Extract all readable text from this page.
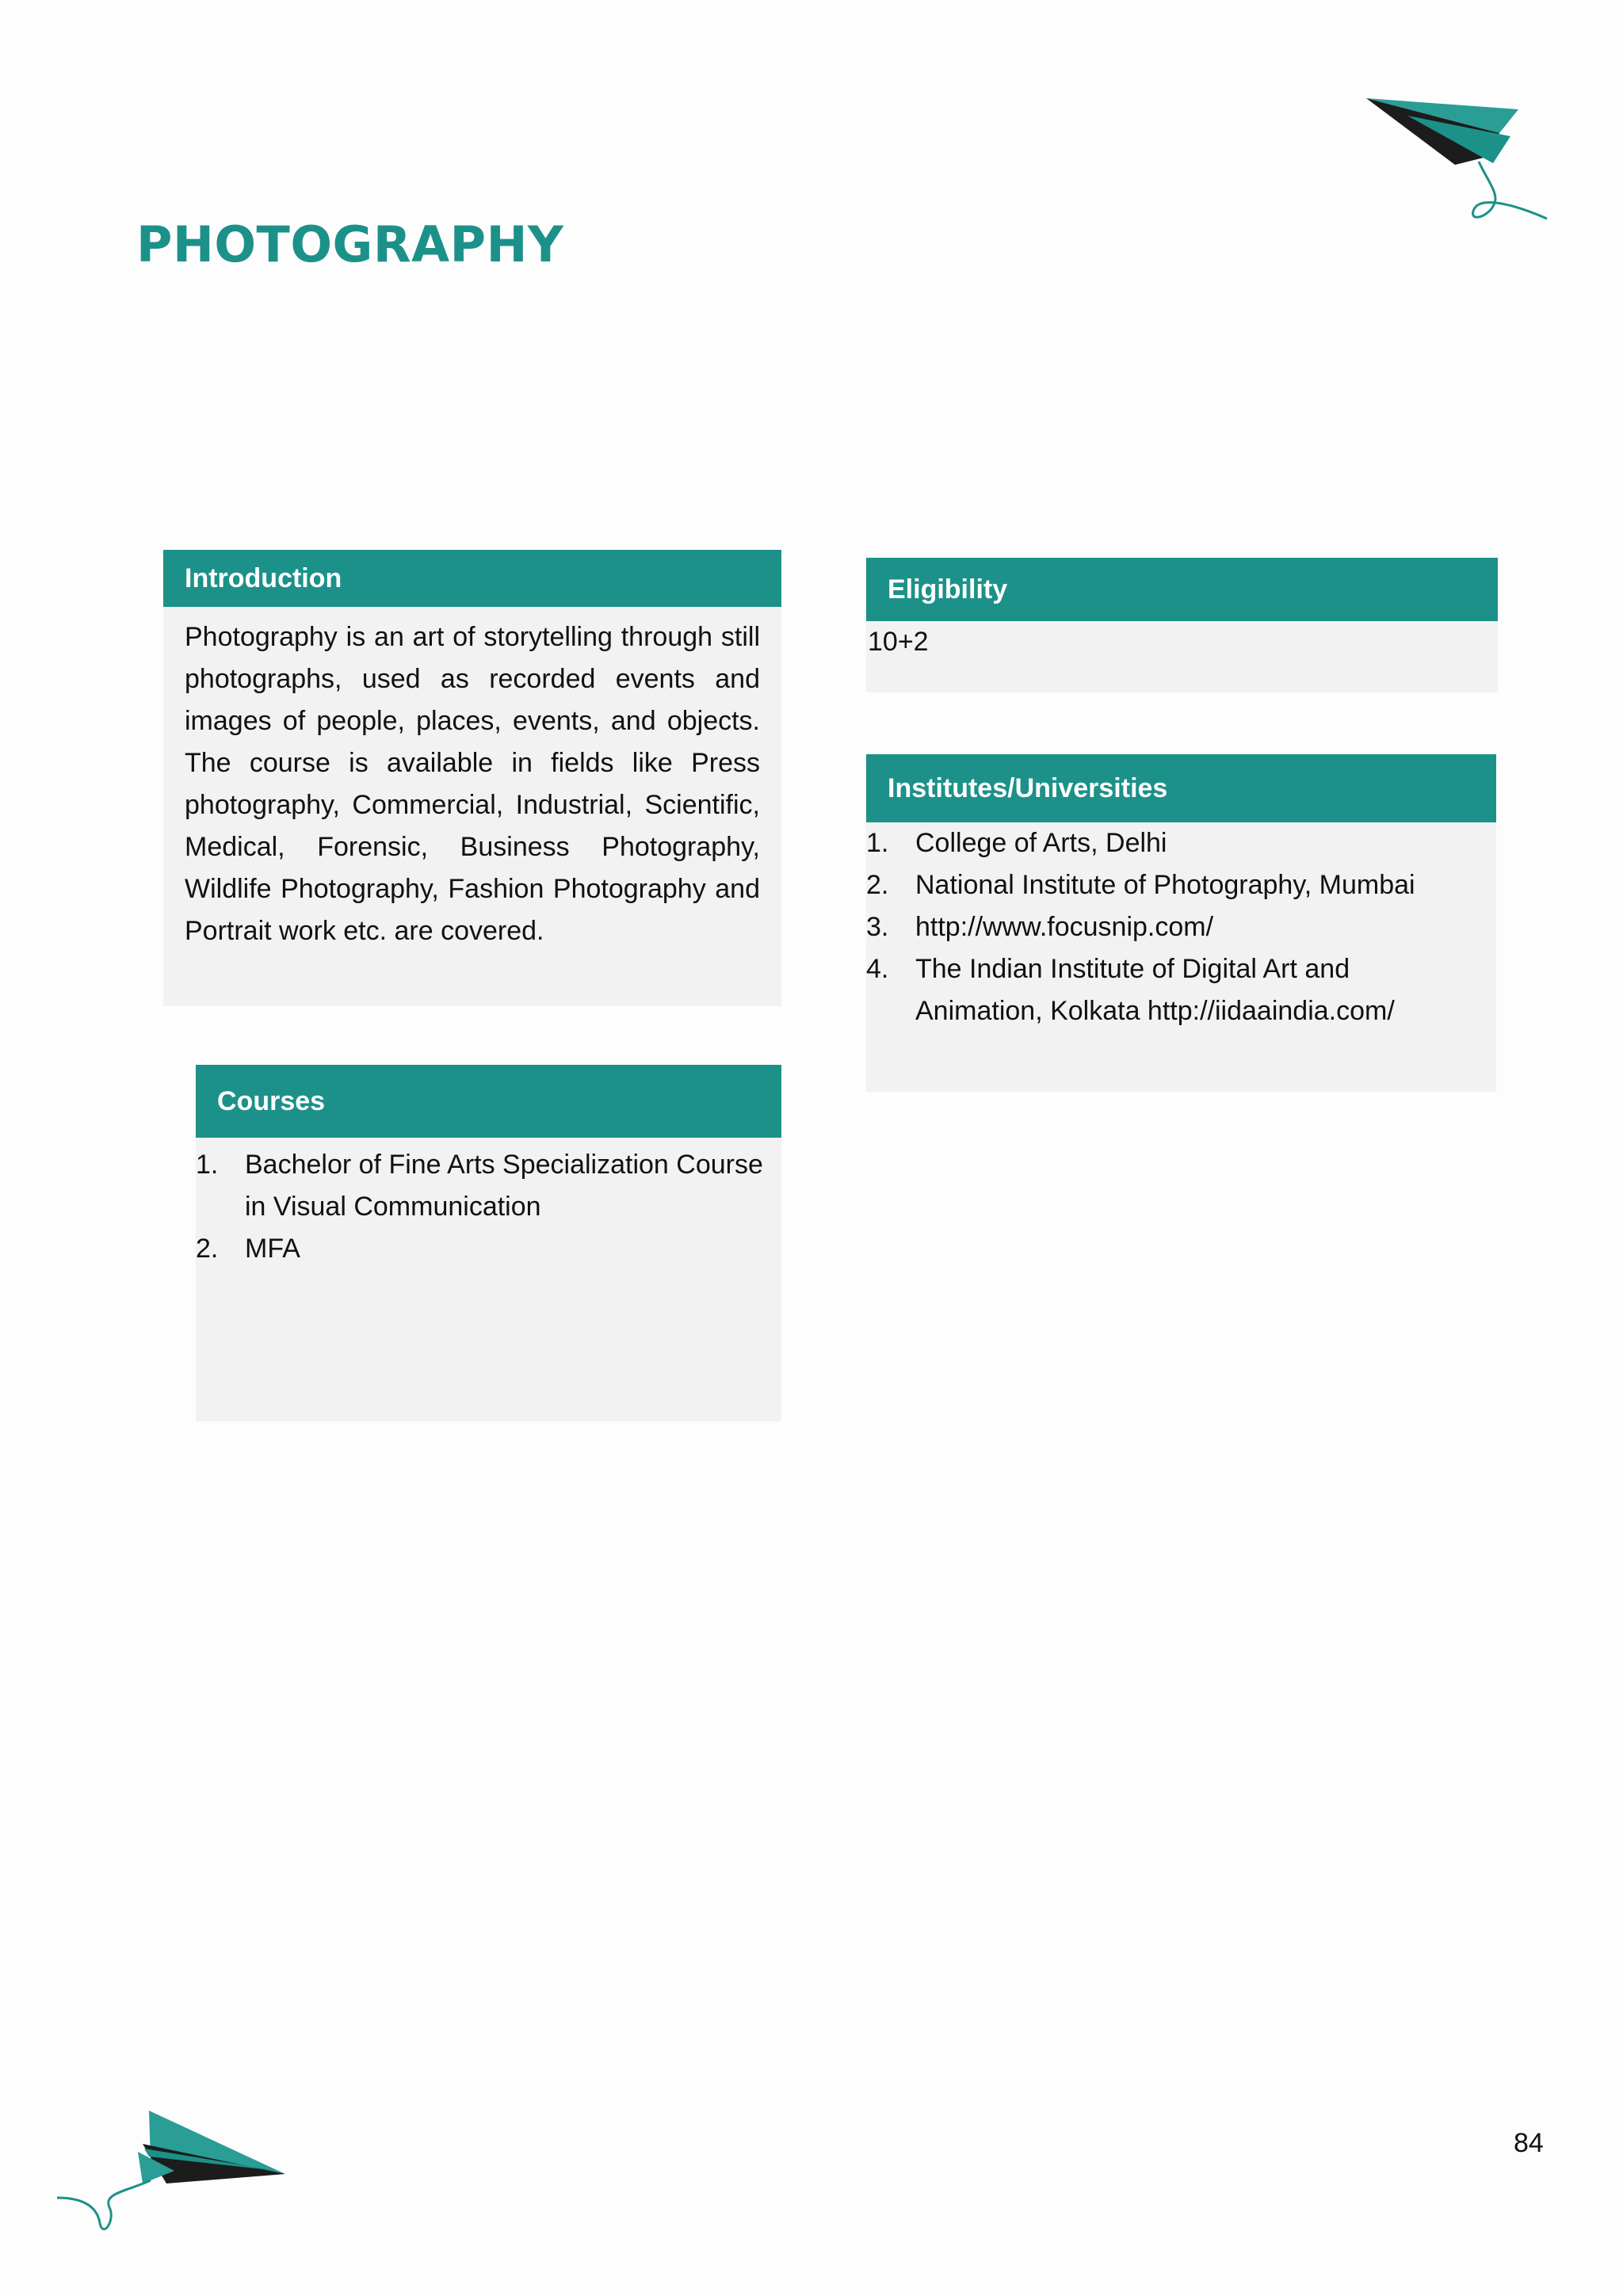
PHOTOGRAPHY
Introduction

Photography is an art of storytelling through still photographs, used as recorded events and images of people, places, events, and objects. The course is available in fields like Press photography, Commercial, Industrial, Scientific, Medical, Forensic, Business Photography, Wildlife Photography, Fashion Photography and Portrait work etc. are covered.

Courses
1. Bachelor of Fine Arts Specialization Course in Visual Communication
2. MFA
Eligibility
10+2
Institutes/Universities
1. College of Arts, Delhi
2. National Institute of Photography, Mumbai
3. http://www.focusnip.com/
4. The Indian Institute of Digital Art and Animation, Kolkata http://iidaaindia.com/
84
